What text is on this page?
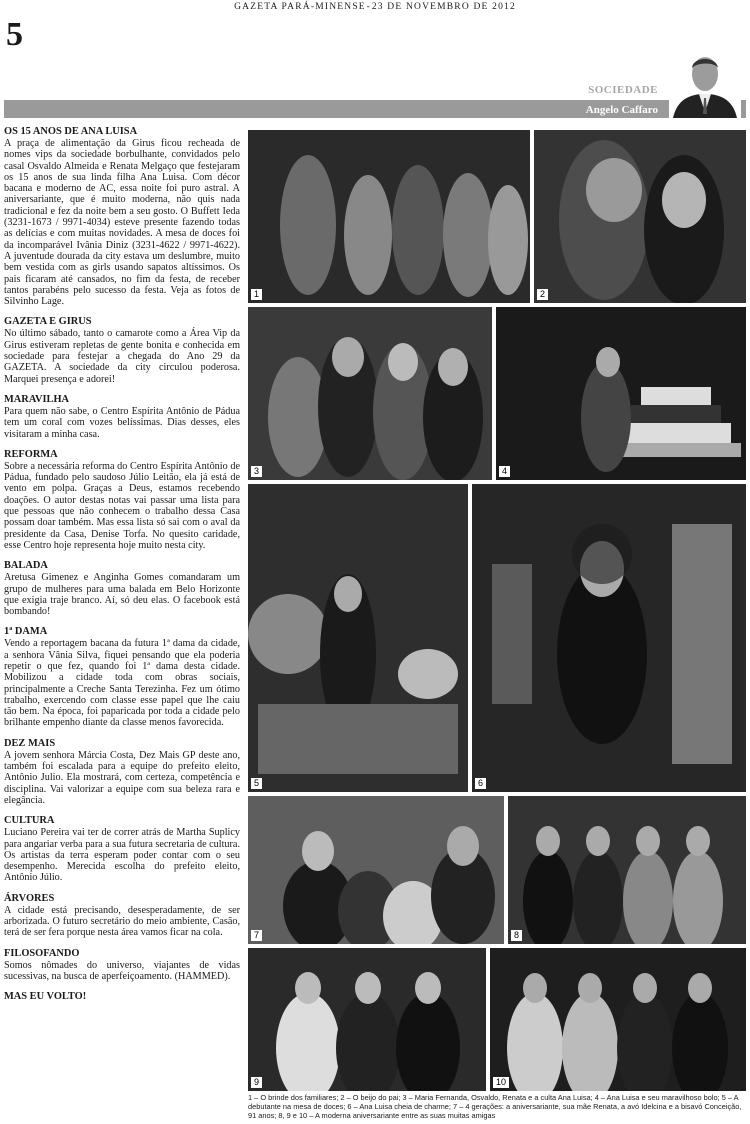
GAZETA PARÁ-MINENSE-23 DE NOVEMBRO DE 2012
5
SOCIEDADE
Angelo Caffaro
OS 15 ANOS DE ANA LUISA

A praça de alimentação da Girus ficou recheada de nomes vips da sociedade borbulhante, convidados pelo casal Osvaldo Almeida e Renata Melgaço que festejaram os 15 anos de sua linda filha Ana Luisa. Com décor bacana e moderno de AC, essa noite foi puro astral. A aniversariante, que é muito moderna, não quis nada tradicional e fez da noite bem a seu gosto. O Buffett Ieda (3231-1673 / 9971-4034) esteve presente fazendo todas as delícias e com muitas novidades. A mesa de doces foi da incomparável Ivânia Diniz (3231-4622 / 9971-4622). A juventude dourada da city estava um deslumbre, muito bem vestida com as girls usando sapatos altíssimos. Os pais ficaram até cansados, no fim da festa, de receber tantos parabéns pelo sucesso da festa. Veja as fotos de Silvinho Lage.

GAZETA E GIRUS

No último sábado, tanto o camarote como a Área Vip da Girus estiveram repletas de gente bonita e conhecida em sociedade para festejar a chegada do Ano 29 da GAZETA. A sociedade da city circulou poderosa. Marquei presença e adorei!

MARAVILHA

Para quem não sabe, o Centro Espírita Antônio de Pádua tem um coral com vozes belíssimas. Dias desses, eles visitaram a minha casa.

REFORMA

Sobre a necessária reforma do Centro Espírita Antônio de Pádua, fundado pelo saudoso Júlio Leitão, ela já está de vento em polpa. Graças a Deus, estamos recebendo doações. O autor destas notas vai passar uma lista para que pessoas que não conhecem o trabalho dessa Casa possam doar também. Mas essa lista só sai com o aval da presidente da Casa, Denise Torfa. No quesito caridade, esse Centro hoje representa hoje muito nesta city.

BALADA

Aretusa Gimenez e Anginha Gomes comandaram um grupo de mulheres para uma balada em Belo Horizonte que exigia traje branco. Aí, só deu elas. O facebook está bombando!

1ª DAMA

Vendo a reportagem bacana da futura 1ª dama da cidade, a senhora Vânia Silva, fiquei pensando que ela poderia repetir o que fez, quando foi 1ª dama desta cidade. Mobilizou a cidade toda com obras sociais, principalmente a Creche Santa Terezinha. Fez um ótimo trabalho, exercendo com classe esse papel que lhe caiu tão bem. Na época, foi paparicada por toda a cidade pelo brilhante empenho diante da classe menos favorecida.

DEZ MAIS

A jovem senhora Márcia Costa, Dez Mais GP deste ano, também foi escalada para a equipe do prefeito eleito, Antônio Julio. Ela mostrará, com certeza, competência e disciplina. Vai valorizar a equipe com sua beleza rara e elegância.

CULTURA

Luciano Pereira vai ter de correr atrás de Martha Suplicy para angariar verba para a sua futura secretaria de cultura. Os artistas da terra esperam poder contar com o seu desempenho. Merecida escolha do prefeito eleito, Antônio Júlio.

ÁRVORES

A cidade está precisando, desesperadamente, de ser arborizada. O futuro secretário do meio ambiente, Casão, terá de ser fera porque nesta área vamos ficar na cola.

FILOSOFANDO

Somos nômades do universo, viajantes de vidas sucessivas, na busca de aperfeiçoamento. (HAMMED).

MAS EU VOLTO!
1	2
3	4
5	6
7	8
9	10
1 – O brinde dos familiares; 2 – O beijo do pai; 3 – Maria Fernanda, Osvaldo, Renata e a culta Ana Luisa; 4 – Ana Luisa e seu maravilhoso bolo; 5 – A debutante na mesa de doces; 6 – Ana Luisa cheia de charme; 7 – 4 gerações: a aniversariante, sua mãe Renata, a avó Idelcina e a bisavó Conceição, 91 anos; 8, 9 e 10 – A moderna aniversariante entre as suas muitas amigas
